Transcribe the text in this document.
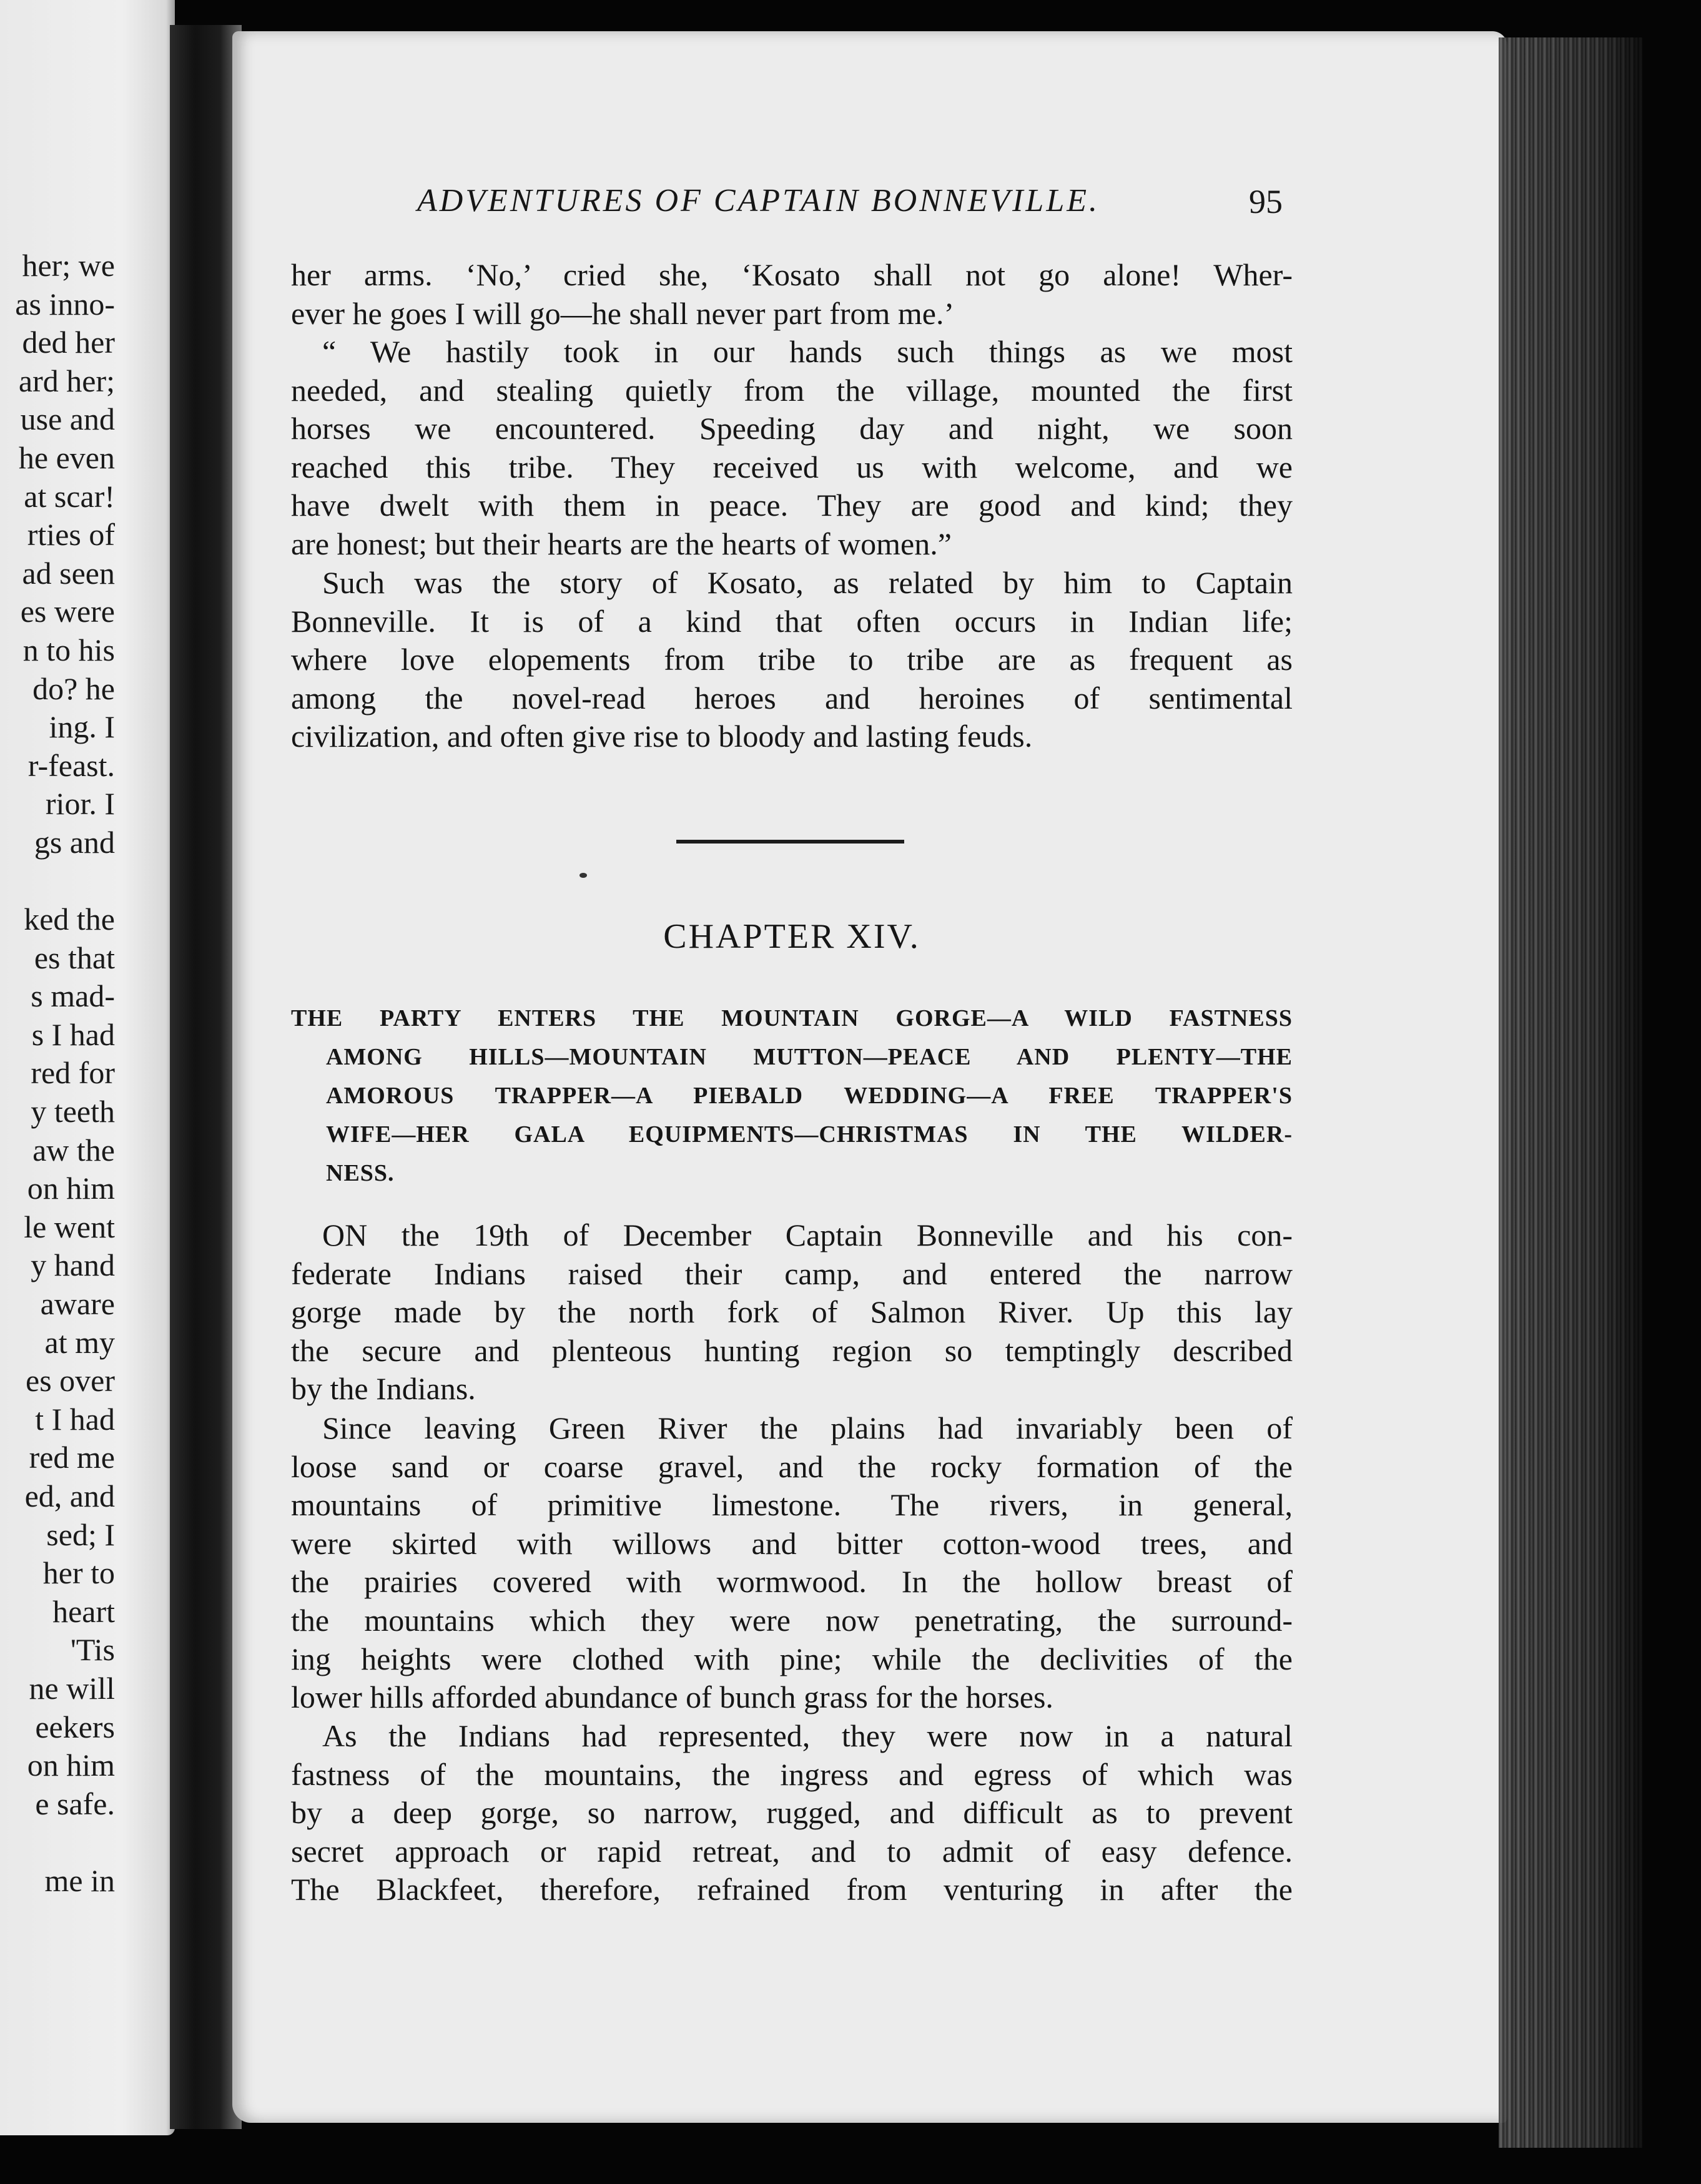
her; we
as inno-
ded her
ard her;
use and
he even
at scar!
rties of
ad seen
es were
n to his
do? he
ing. I
r-feast.
rior. I
gs and
ked the
es that
s mad-
s I had
red for
y teeth
aw the
on him
le went
y hand
aware
at my
es over
t I had
red me
ed, and
sed; I
her to
heart
'Tis
ne will
eekers
on him
e safe.
me in
ADVENTURES OF CAPTAIN BONNEVILLE.	95
her arms. ‘No,’ cried she, ‘Kosato shall not go alone! Wher-
ever he goes I will go—he shall never part from me.’
“ We hastily took in our hands such things as we most
needed, and stealing quietly from the village, mounted the first
horses we encountered. Speeding day and night, we soon
reached this tribe. They received us with welcome, and we
have dwelt with them in peace. They are good and kind; they
are honest; but their hearts are the hearts of women.”
Such was the story of Kosato, as related by him to Captain
Bonneville. It is of a kind that often occurs in Indian life;
where love elopements from tribe to tribe are as frequent as
among the novel-read heroes and heroines of sentimental
civilization, and often give rise to bloody and lasting feuds.
CHAPTER XIV.
THE PARTY ENTERS THE MOUNTAIN GORGE—A WILD FASTNESS
AMONG HILLS—MOUNTAIN MUTTON—PEACE AND PLENTY—THE
AMOROUS TRAPPER—A PIEBALD WEDDING—A FREE TRAPPER'S
WIFE—HER GALA EQUIPMENTS—CHRISTMAS IN THE WILDER-
NESS.
ON the 19th of December Captain Bonneville and his con-
federate Indians raised their camp, and entered the narrow
gorge made by the north fork of Salmon River. Up this lay
the secure and plenteous hunting region so temptingly described
by the Indians.
Since leaving Green River the plains had invariably been of
loose sand or coarse gravel, and the rocky formation of the
mountains of primitive limestone. The rivers, in general,
were skirted with willows and bitter cotton-wood trees, and
the prairies covered with wormwood. In the hollow breast of
the mountains which they were now penetrating, the surround-
ing heights were clothed with pine; while the declivities of the
lower hills afforded abundance of bunch grass for the horses.
As the Indians had represented, they were now in a natural
fastness of the mountains, the ingress and egress of which was
by a deep gorge, so narrow, rugged, and difficult as to prevent
secret approach or rapid retreat, and to admit of easy defence.
The Blackfeet, therefore, refrained from venturing in after the
